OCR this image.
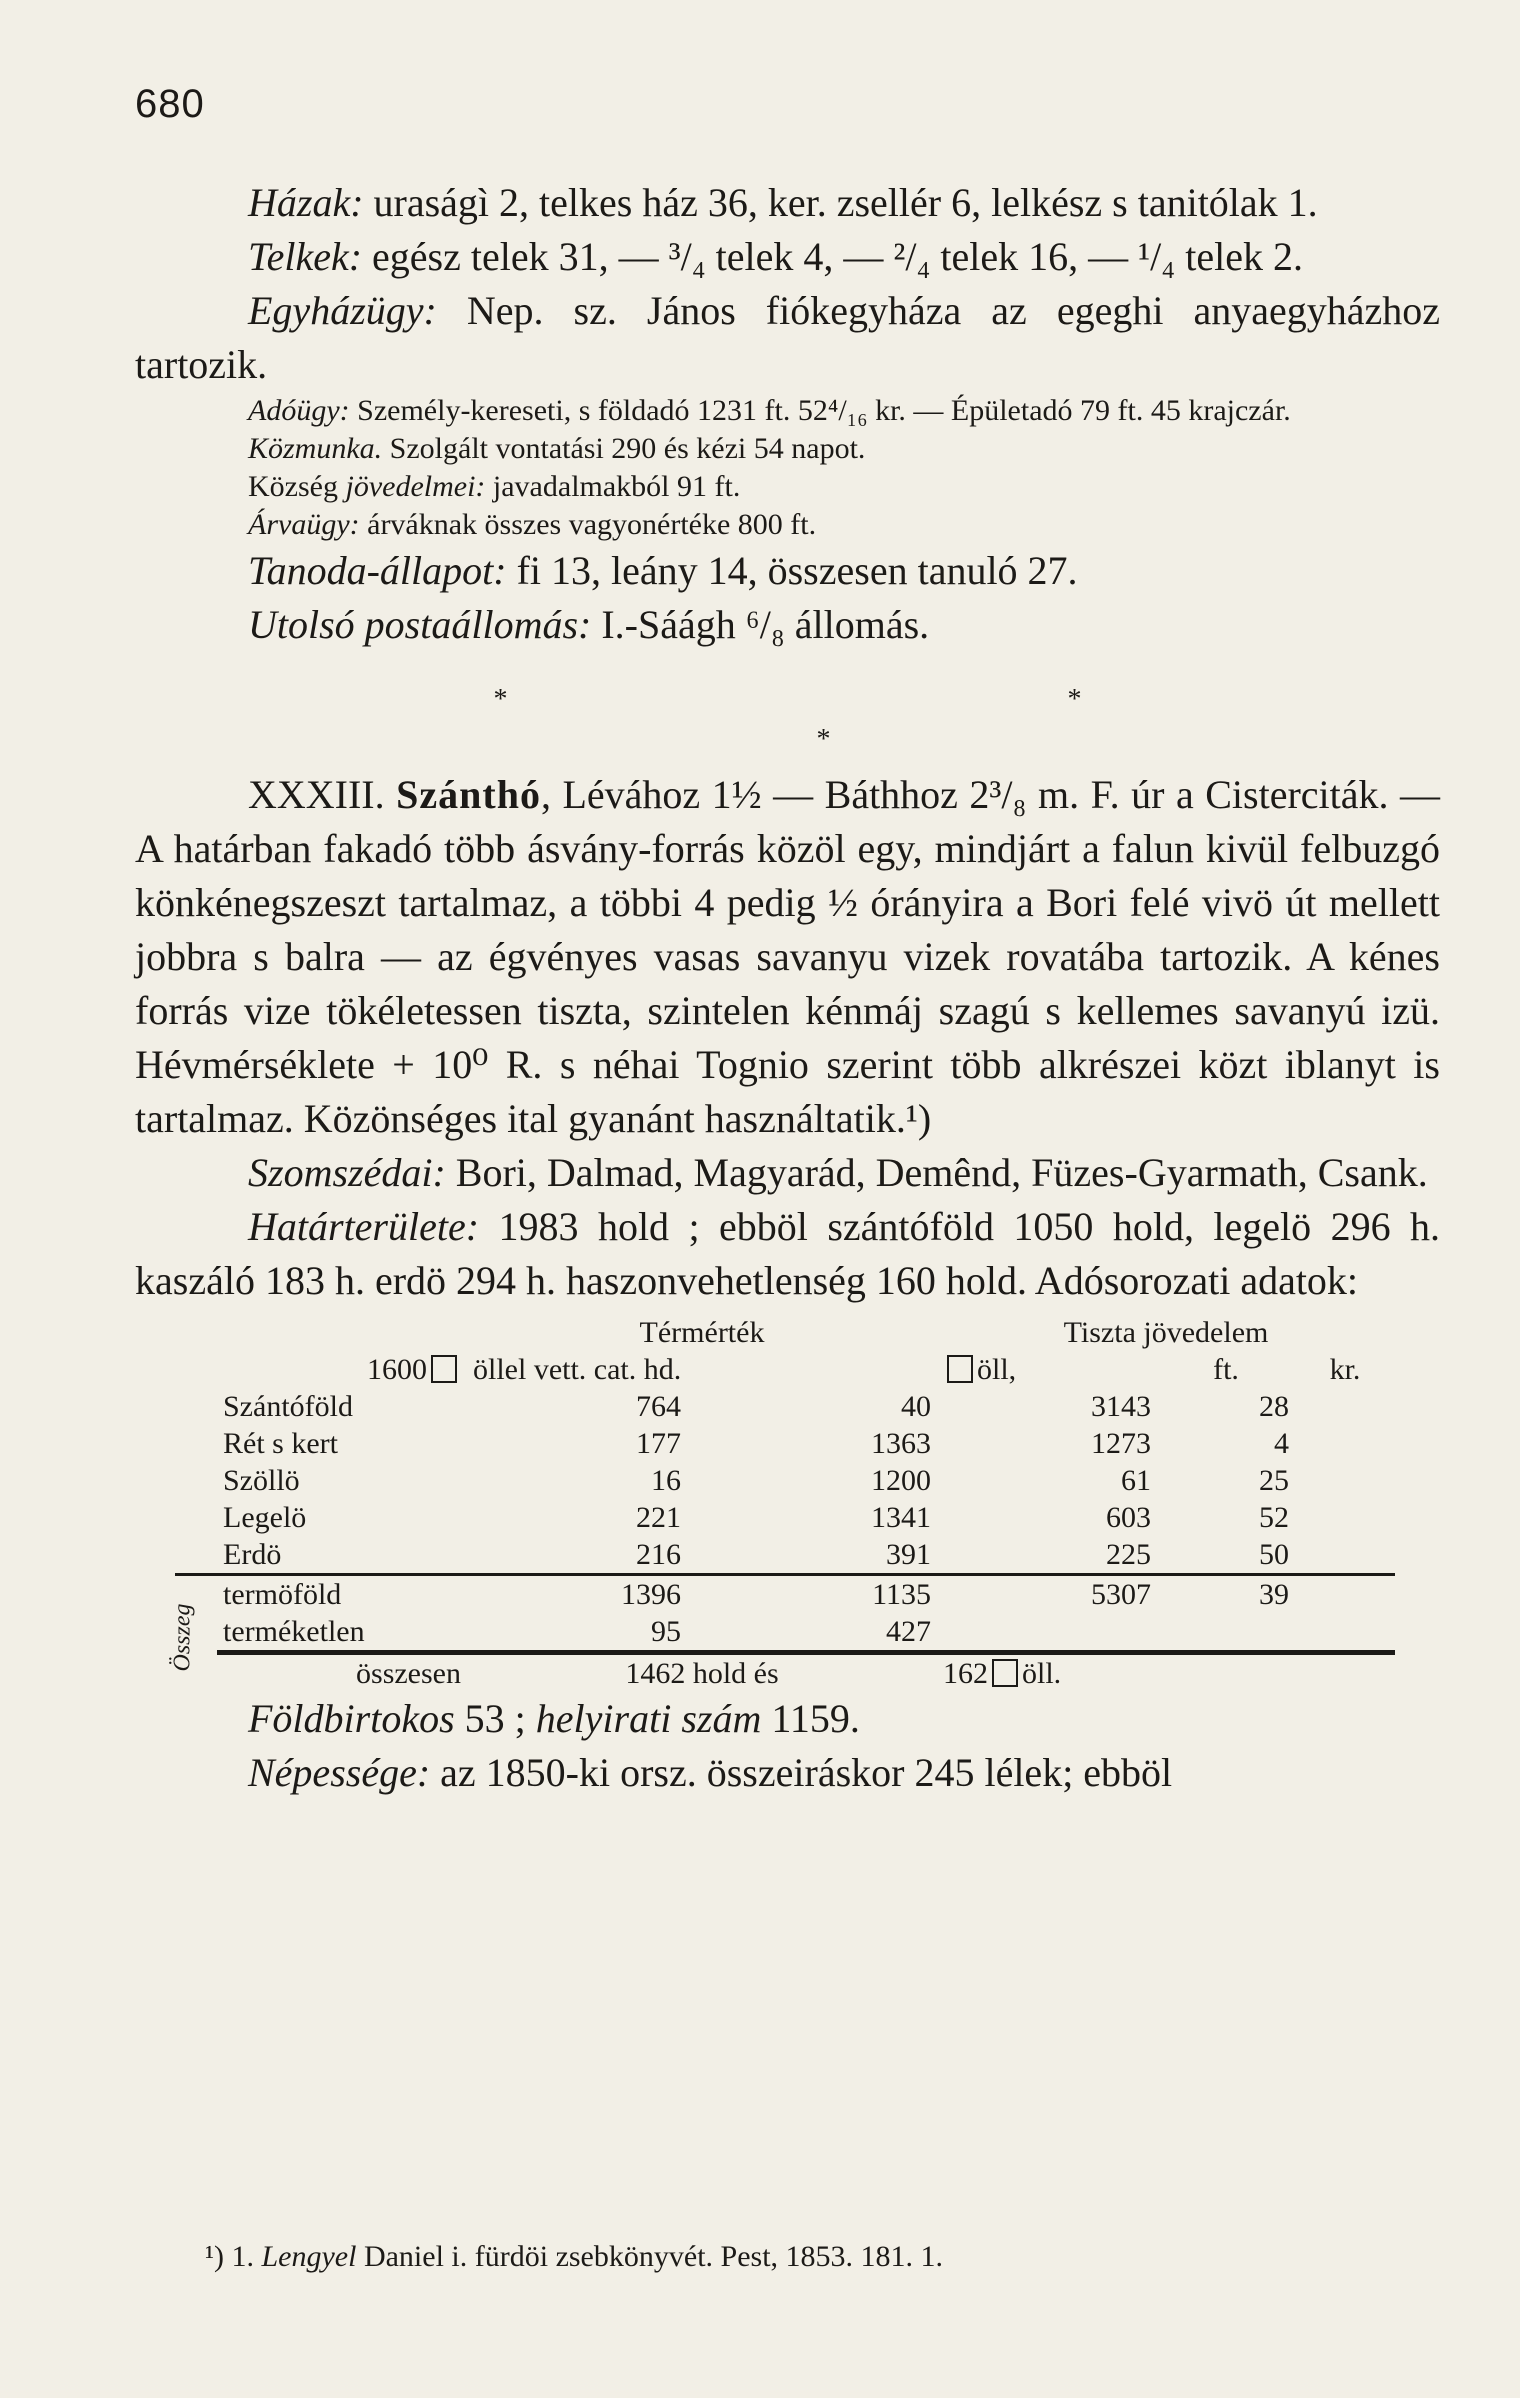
680

Házak: uraságì 2, telkes ház 36, ker. zsellér 6, lelkész s tanitólak 1.

Telkek: egész telek 31, — ³/₄ telek 4, — ²/₄ telek 16, — ¹/₄ telek 2.

Egyházügy: Nep. sz. János fiókegyháza az egeghi anyaegyházhoz tartozik.

Adóügy: Személy-kereseti, s földadó 1231 ft. 52⁴/₁₆ kr. — Épületadó 79 ft. 45 krajczár.

Közmunka. Szolgált vontatási 290 és kézi 54 napot.

Község jövedelmei: javadalmakból 91 ft.

Árvaügy: árváknak összes vagyonértéke 800 ft.

Tanoda-állapot: fi 13, leány 14, összesen tanuló 27.

Utolsó postaállomás: I.-Sáágh ⁶/₈ állomás.

*	*
*

XXXIII. Szánthó, Lévához 1½ — Báthhoz 2³/₈ m. F. úr a Cisterciták. — A határban fakadó több ásvány-forrás közöl egy, mindjárt a falun kivül felbuzgó könkénegszeszt tartalmaz, a többi 4 pedig ½ órányira a Bori felé vivö út mellett jobbra s balra — az égvényes vasas savanyu vizek rovatába tartozik. A kénes forrás vize tökéletessen tiszta, szintelen kénmáj szagú s kellemes savanyú izü. Hévmérséklete + 10⁰ R. s néhai Tognio szerint több alkrészei közt iblanyt is tartalmaz. Közönséges ital gyanánt használtatik.¹)

Szomszédai: Bori, Dalmad, Magyarád, Demênd, Füzes-Gyarmath, Csank.

Határterülete: 1983 hold ; ebböl szántóföld 1050 hold, legelö 296 h. kaszáló 183 h. erdö 294 h. haszonvehetlenség 160 hold. Adósorozati adatok:

		Térmérték		Tiszta jövedelem		
	1600	öllel vett. cat. hd.		öll,	ft.	kr.
	Szántóföld	764	40	3143	28	
	Rét s kert	177	1363	1273	4	
	Szöllö	16	1200	61	25	
	Legelö	221	1341	603	52	
	Erdö	216	391	225	50	

Összeg	termöföld	1396	1135	5307	39	
	terméketlen	95	427			
	összesen	1462 hold és		162 öll.		

Földbirtokos 53 ; helyirati szám 1159.

Népessége: az 1850-ki orsz. összeiráskor 245 lélek; ebböl

¹) 1. Lengyel Daniel i. fürdöi zsebkönyvét. Pest, 1853. 181. 1.
